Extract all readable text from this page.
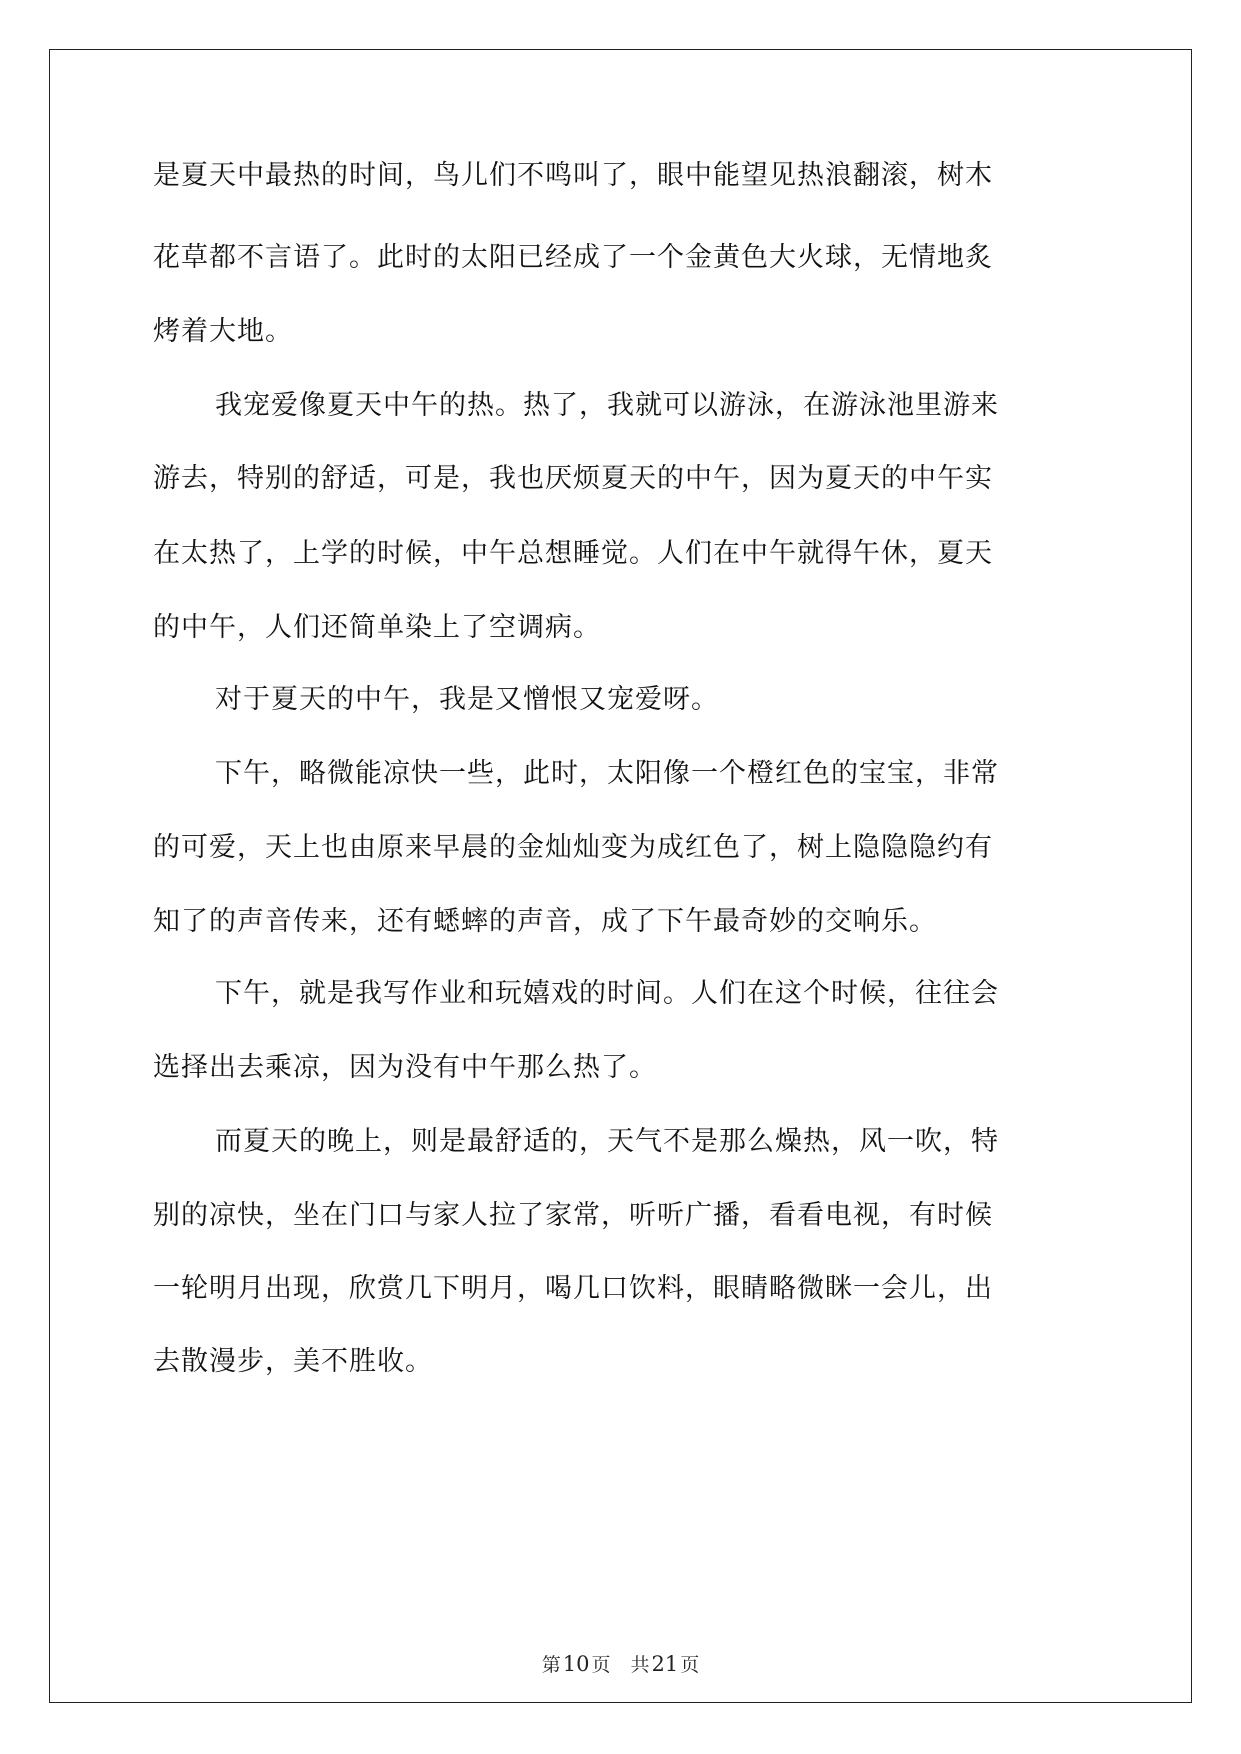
是夏天中最热的时间，鸟儿们不鸣叫了，眼中能望见热浪翻滚，树木
花草都不言语了。此时的太阳已经成了一个金黄色大火球，无情地炙
烤着大地。
我宠爱像夏天中午的热。热了，我就可以游泳，在游泳池里游来
游去，特别的舒适，可是，我也厌烦夏天的中午，因为夏天的中午实
在太热了，上学的时候，中午总想睡觉。人们在中午就得午休，夏天
的中午，人们还简单染上了空调病。
对于夏天的中午，我是又憎恨又宠爱呀。
下午，略微能凉快一些，此时，太阳像一个橙红色的宝宝，非常
的可爱，天上也由原来早晨的金灿灿变为成红色了，树上隐隐隐约有
知了的声音传来，还有蟋蟀的声音，成了下午最奇妙的交响乐。
下午，就是我写作业和玩嬉戏的时间。人们在这个时候，往往会
选择出去乘凉，因为没有中午那么热了。
而夏天的晚上，则是最舒适的，天气不是那么燥热，风一吹，特
别的凉快，坐在门口与家人拉了家常，听听广播，看看电视，有时候
一轮明月出现，欣赏几下明月，喝几口饮料，眼睛略微眯一会儿，出
去散漫步，美不胜收。
第10 页 共21 页
